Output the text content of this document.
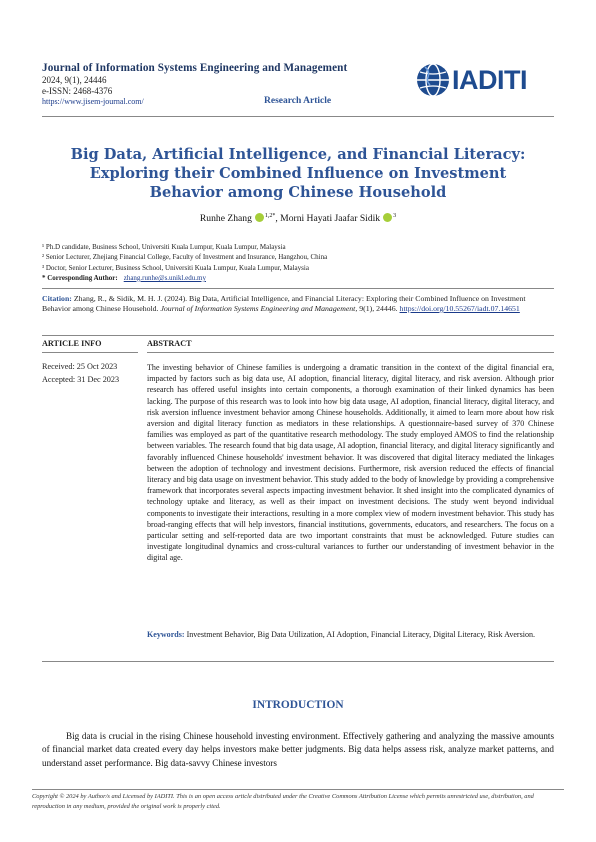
Journal of Information Systems Engineering and Management
2024, 9(1), 24446
e-ISSN: 2468-4376
https://www.jisem-journal.com/	Research Article
IADITI
Big Data, Artificial Intelligence, and Financial Literacy: Exploring their Combined Influence on Investment Behavior among Chinese Household
Runhe Zhang $^{1,2*}$, Morni Hayati Jaafar Sidik $^3$
¹ Ph.D candidate, Business School, Universiti Kuala Lumpur, Kuala Lumpur, Malaysia
² Senior Lecturer, Zhejiang Financial College, Faculty of Investment and Insurance, Hangzhou, China
³ Doctor, Senior Lecturer, Business School, Universiti Kuala Lumpur, Kuala Lumpur, Malaysia
* Corresponding Author: zhang.runhe@s.unikl.edu.my
Citation: Zhang, R., & Sidik, M. H. J. (2024). Big Data, Artificial Intelligence, and Financial Literacy: Exploring their Combined Influence on Investment Behavior among Chinese Household. Journal of Information Systems Engineering and Management, 9(1), 24446. https://doi.org/10.55267/iadt.07.14651
ARTICLE INFO	ABSTRACT
Received: 25 Oct 2023
Accepted: 31 Dec 2023

The investing behavior of Chinese families is undergoing a dramatic transition in the context of the digital financial era, impacted by factors such as big data use, AI adoption, financial literacy, digital literacy, and risk aversion. Although prior research has offered useful insights into certain components, a thorough examination of their linked dynamics has been lacking. The purpose of this research was to look into how big data usage, AI adoption, financial literacy, digital literacy, and risk aversion influence investment behavior among Chinese households. Additionally, it aimed to learn more about how risk aversion and digital literacy function as mediators in these relationships. A questionnaire-based survey of 370 Chinese families was employed as part of the quantitative research methodology. The study employed AMOS to find the relationship between variables. The research found that big data usage, AI adoption, financial literacy, and digital literacy significantly and favorably influenced Chinese households' investment behavior. It was discovered that digital literacy mediated the linkages between the adoption of technology and investment decisions. Furthermore, risk aversion reduced the effects of financial literacy and big data usage on investment behavior. This study added to the body of knowledge by providing a comprehensive framework that incorporates several aspects impacting investment behavior. It shed insight into the complicated dynamics of technology uptake and literacy, as well as their impact on investment decisions. The study went beyond individual components to investigate their interactions, resulting in a more complex view of modern investment behavior. This study has broad-ranging effects that will help investors, financial institutions, governments, educators, and researchers. The focus on a particular setting and self-reported data are two important constraints that must be acknowledged. Future studies can investigate longitudinal dynamics and cross-cultural variances to further our understanding of investment behavior in the digital age.

Keywords: Investment Behavior, Big Data Utilization, AI Adoption, Financial Literacy, Digital Literacy, Risk Aversion.
INTRODUCTION

Big data is crucial in the rising Chinese household investing environment. Effectively gathering and analyzing the massive amounts of financial market data created every day helps investors make better judgments. Big data helps assess risk, analyze market patterns, and understand asset performance. Big data-savvy Chinese investors

Copyright © 2024 by Author/s and Licensed by IADITI. This is an open access article distributed under the Creative Commons Attribution License which permits unrestricted use, distribution, and reproduction in any medium, provided the original work is properly cited.
